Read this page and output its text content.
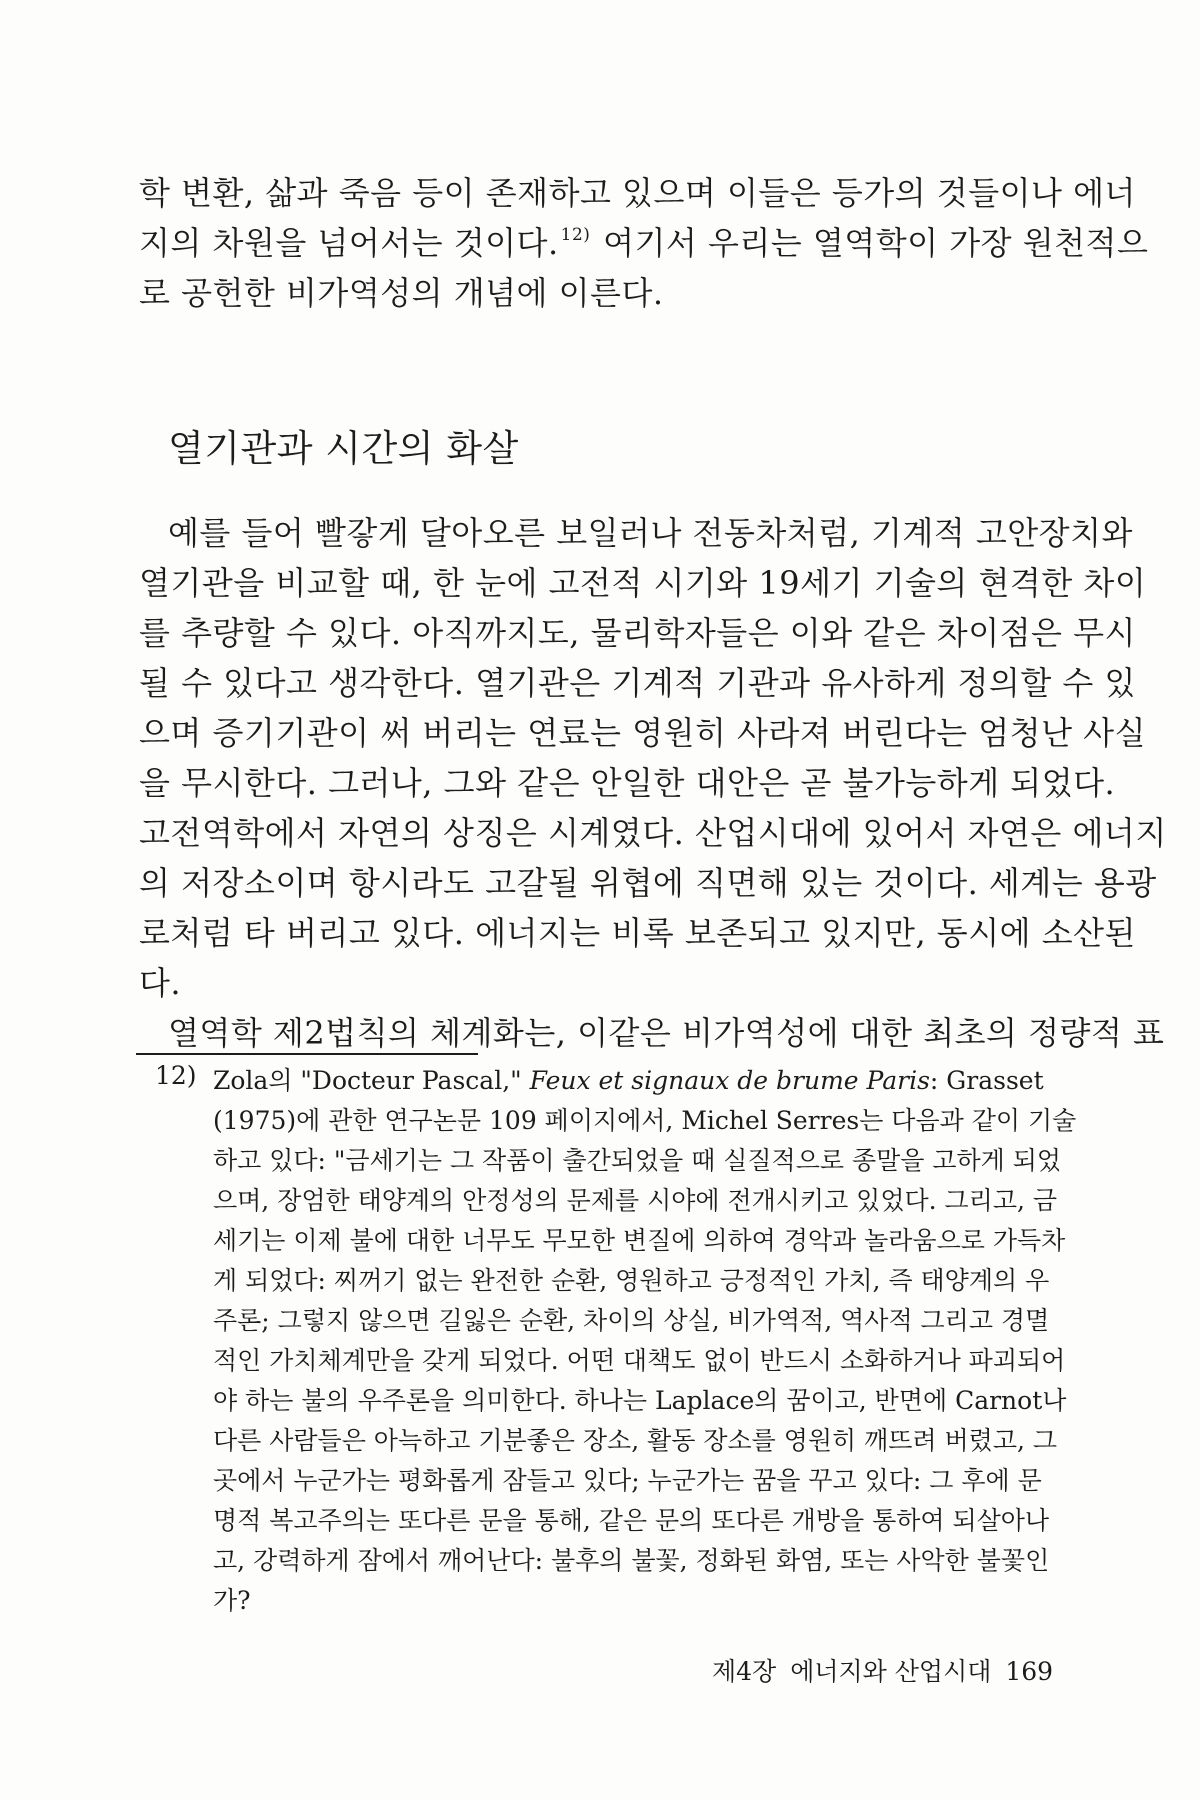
학 변환, 삶과 죽음 등이 존재하고 있으며 이들은 등가의 것들이나 에너
지의 차원을 넘어서는 것이다. $^{12)}$ 여기서 우리는 열역학이 가장 원천적으
로 공헌한 비가역성의 개념에 이른다.
열기관과 시간의 화살
예를 들어 빨갛게 달아오른 보일러나 전동차처럼, 기계적 고안장치와
열기관을 비교할 때, 한 눈에 고전적 시기와 19세기 기술의 현격한 차이
를 추량할 수 있다. 아직까지도, 물리학자들은 이와 같은 차이점은 무시
될 수 있다고 생각한다. 열기관은 기계적 기관과 유사하게 정의할 수 있
으며 증기기관이 써 버리는 연료는 영원히 사라져 버린다는 엄청난 사실
을 무시한다. 그러나, 그와 같은 안일한 대안은 곧 불가능하게 되었다.
고전역학에서 자연의 상징은 시계였다. 산업시대에 있어서 자연은 에너지
의 저장소이며 항시라도 고갈될 위협에 직면해 있는 것이다. 세계는 용광
로처럼 타 버리고 있다. 에너지는 비록 보존되고 있지만, 동시에 소산된
다.
열역학 제2법칙의 체계화는, 이같은 비가역성에 대한 최초의 정량적 표
12) Zola의 "Docteur Pascal," Feux et signaux de brume Paris: Grasset
(1975)에 관한 연구논문 109 페이지에서, Michel Serres는 다음과 같이 기술
하고 있다: "금세기는 그 작품이 출간되었을 때 실질적으로 종말을 고하게 되었
으며, 장엄한 태양계의 안정성의 문제를 시야에 전개시키고 있었다. 그리고, 금
세기는 이제 불에 대한 너무도 무모한 변질에 의하여 경악과 놀라움으로 가득차
게 되었다: 찌꺼기 없는 완전한 순환, 영원하고 긍정적인 가치, 즉 태양계의 우
주론; 그렇지 않으면 길잃은 순환, 차이의 상실, 비가역적, 역사적 그리고 경멸
적인 가치체계만을 갖게 되었다. 어떤 대책도 없이 반드시 소화하거나 파괴되어
야 하는 불의 우주론을 의미한다. 하나는 Laplace의 꿈이고, 반면에 Carnot나
다른 사람들은 아늑하고 기분좋은 장소, 활동 장소를 영원히 깨뜨려 버렸고, 그
곳에서 누군가는 평화롭게 잠들고 있다; 누군가는 꿈을 꾸고 있다: 그 후에 문
명적 복고주의는 또다른 문을 통해, 같은 문의 또다른 개방을 통하여 되살아나
고, 강력하게 잠에서 깨어난다: 불후의 불꽃, 정화된 화염, 또는 사악한 불꽃인
가?
제4장 에너지와 산업시대 169
